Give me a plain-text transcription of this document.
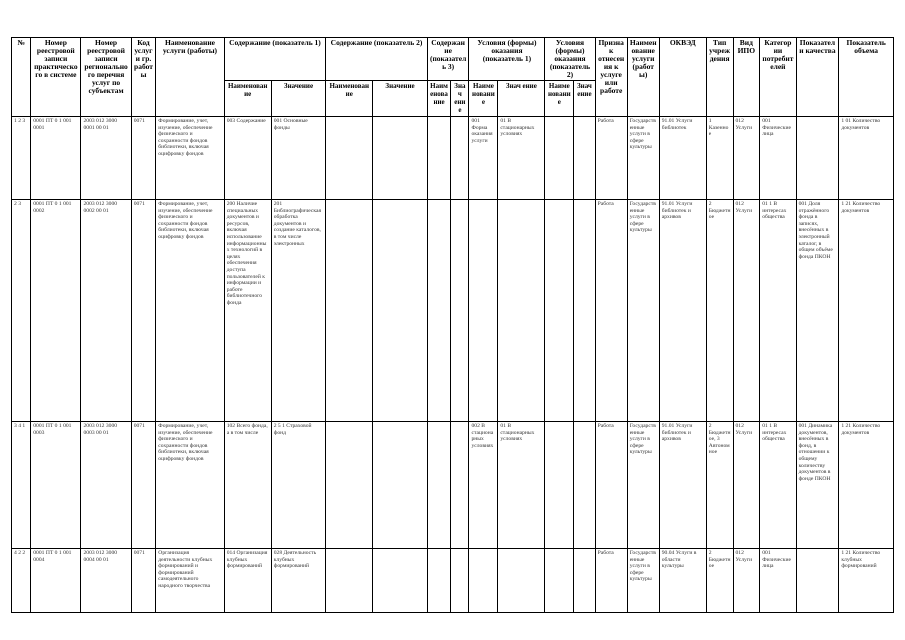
№	Номер реестровой записи практического в системе	Номер реестровой записи регионального перечня услуг по субъектам	Код услуги гр. работы	Наименование услуги (работы)	Содержание (показатель 1)		Содержание (показатель 2)		Содержание (показатель 3)		Условия (формы) оказания (показатель 1)		Условия (формы) оказания (показатель 2)		Признак отнесения к услуге или работе	Наименование услуги (работы)	ОКВЭД	Тип учреждения	Вид ИПО	Категории потребителей	Показатели качества	Показатель объема
					Наименование	Значение	Наименование	Значение	Наименование	Знач ение	Наименование	Знач ение	Наименование	Знач ение								
1 2 3	0001 ПТ 0 1 001 0001	2003 012 3000 0001 00 01	0071	Формирование, учет, изучение, обеспечение физического и сохранности фондов библиотеки, включая оцифровку фондов	003 Содержание	001 Основные фонды					001 Форма оказания услуги	01 В стационарных условиях			Работа	Государственные услуги в сфере культуры	91.01 Услуги библиотек	1 Казенное	012 Услуги	001 Физические лица		1 01 Количество документов
2 3	0001 ПТ 0 1 001 0002	2003 012 3000 0002 00 01	0071	Формирование, учет, изучение, обеспечение физического и сохранности фондов библиотеки, включая оцифровку фондов	200 Наличие специальных документов и ресурсов, включая использование информационных технологий в целях обеспечения доступа пользователей к информации и работе библиотечного фонда	201 Библиографическая обработка документов и создание каталогов, в том числе электронных									Работа	Государственные услуги в сфере культуры	91.01 Услуги библиотек и архивов	2 Бюджетное	012 Услуги	01 1 В интересах общества	001 Доля отражённого фонда в записях, внесённых в электронный каталог, в общем объёме фонда ПКОН	1 21 Количество документов
3 4 1	0001 ПТ 0 1 001 0003	2003 012 3000 0003 00 01	0071	Формирование, учет, изучение, обеспечение физического и сохранности фондов библиотеки, включая оцифровку фондов	102 Всего фонда, а в том числе	2 5 1 Страховой фонд					002 В стационарных условиях	01 В стационарных условиях			Работа	Государственные услуги в сфере культуры	91.01 Услуги библиотек и архивов	2 Бюджетное, 3 Автономное	012 Услуги	01 1 В интересах общества	001 Динамика документов, внесённых в фонд, в отношении к общему количеству документов в фонде ПКОН	1 21 Количество документов
4 2 2	0001 ПТ 0 1 001 0004	2003 012 3000 0004 00 01	0071	Организация деятельности клубных формирований и формирований самодеятельного народного творчества	014 Организация клубных формирований	028 Деятельность клубных формирований									Работа	Государственные услуги в сфере культуры	90.04 Услуги в области культуры	2 Бюджетное	012 Услуги	001 Физические лица		1 21 Количество клубных формирований
